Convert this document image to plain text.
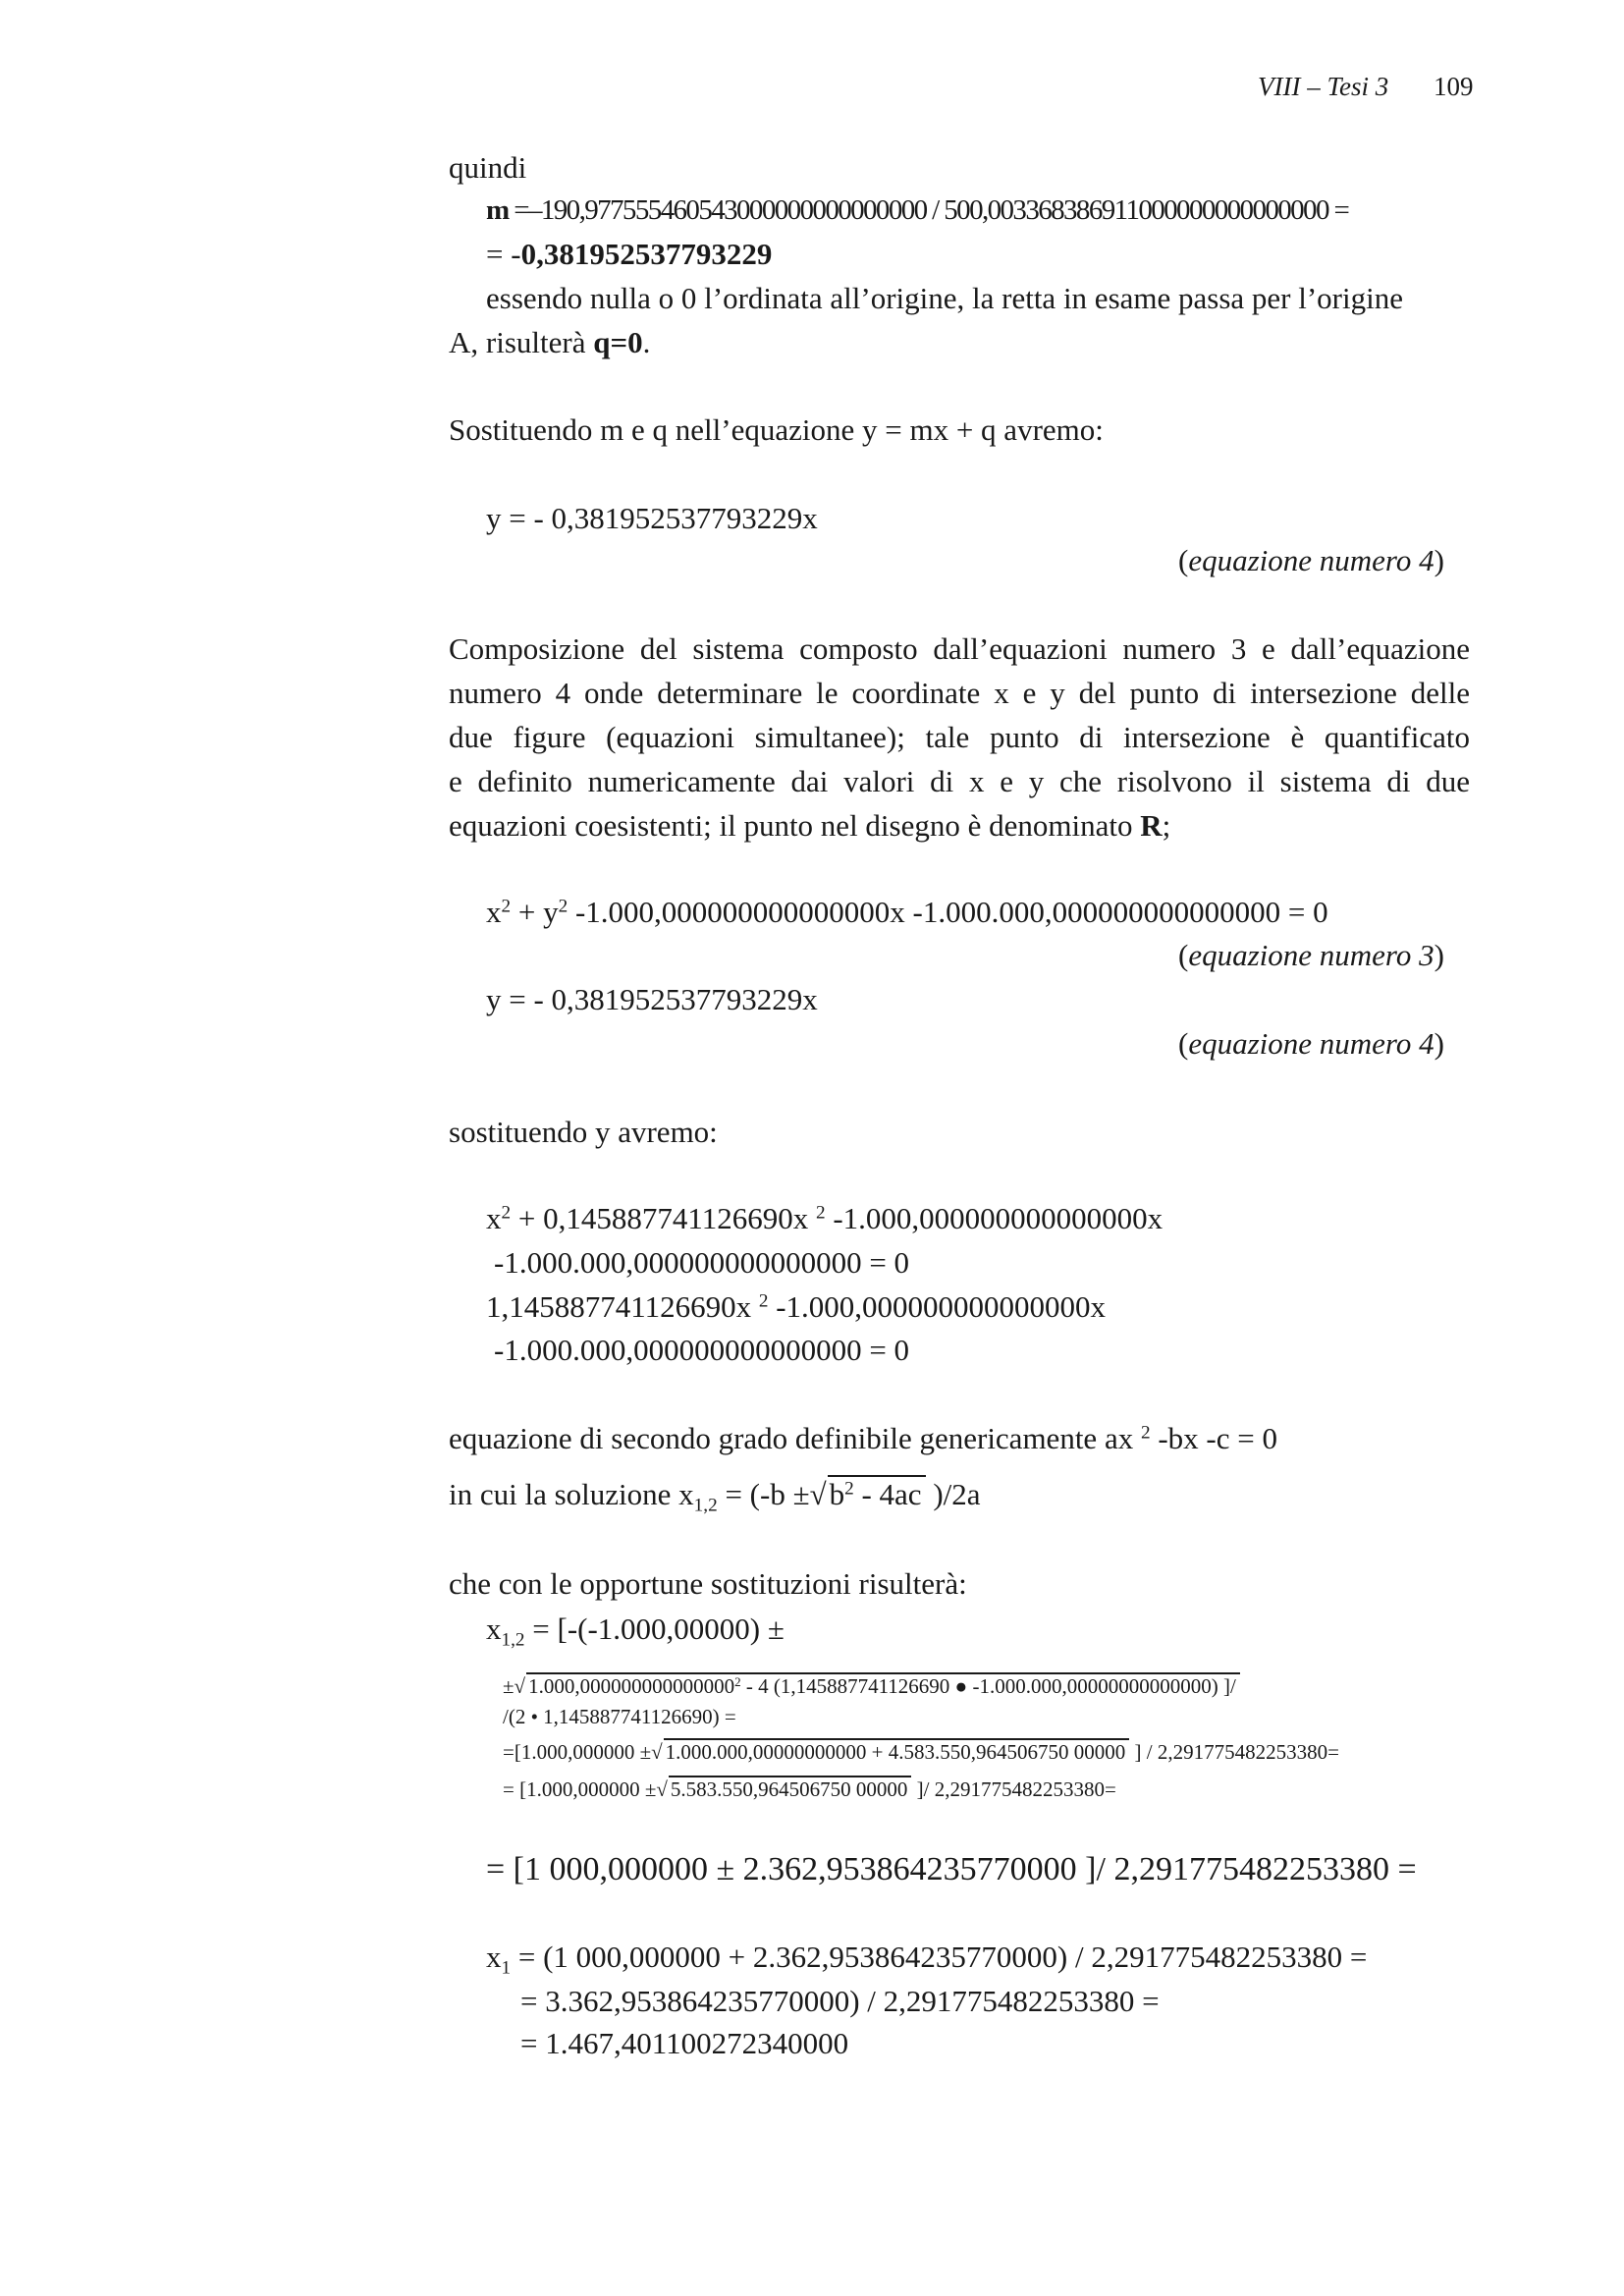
VIII – Tesi 3 109
quindi
m =–190,977555460543000000000000000 / 500,003368386911000000000000000 =
= -0,381952537793229
essendo nulla o 0 l’ordinata all’origine, la retta in esame passa per l’origine
A, risulterà q=0.
Sostituendo m e q nell’equazione y = mx + q avremo:
y = - 0,381952537793229x
(equazione numero 4)
Composizione del sistema composto dall’equazioni numero 3 e dall’equazione
numero 4 onde determinare le coordinate x e y del punto di intersezione delle
due figure (equazioni simultanee); tale punto di intersezione è quantificato
e definito numericamente dai valori di x e y che risolvono il sistema di due
equazioni coesistenti; il punto nel disegno è denominato R;
$x^2 + y^2$ -1.000,000000000000000x -1.000.000,000000000000000 = 0
(equazione numero 3)
y = - 0,381952537793229x
(equazione numero 4)
sostituendo y avremo:
$x^2 + 0,145887741126690x$ $^2$ -1.000,000000000000000x
-1.000.000,000000000000000 = 0
1,145887741126690x $^2$ -1.000,000000000000000x
-1.000.000,000000000000000 = 0
equazione di secondo grado definibile genericamente ax $^2$ -bx -c = 0
in cui la soluzione $x_{1,2} = (-b \pm√b^2 - 4ac$ )/2a
che con le opportune sostituzioni risulterà:
$x_{1,2} = [-(-1.000,00000)$ ±
±√ 1.000,000000000000000$^2$ - 4 (1,145887741126690 ● -1.000.000,00000000000000) ]/
/(2 • 1,145887741126690) =
=[1.000,000000 ±√ 1.000.000,00000000000 + 4.583.550,964506750 00000 ] / 2,291775482253380=
= [1.000,000000 ±√ 5.583.550,964506750 00000 ]/ 2,291775482253380=
= [1 000,000000 ± 2.362,953864235770000 ]/ 2,291775482253380 =
$x_1 = (1$ 000,000000 + 2.362,953864235770000) / 2,291775482253380 =
= 3.362,953864235770000) / 2,291775482253380 =
= 1.467,401100272340000
